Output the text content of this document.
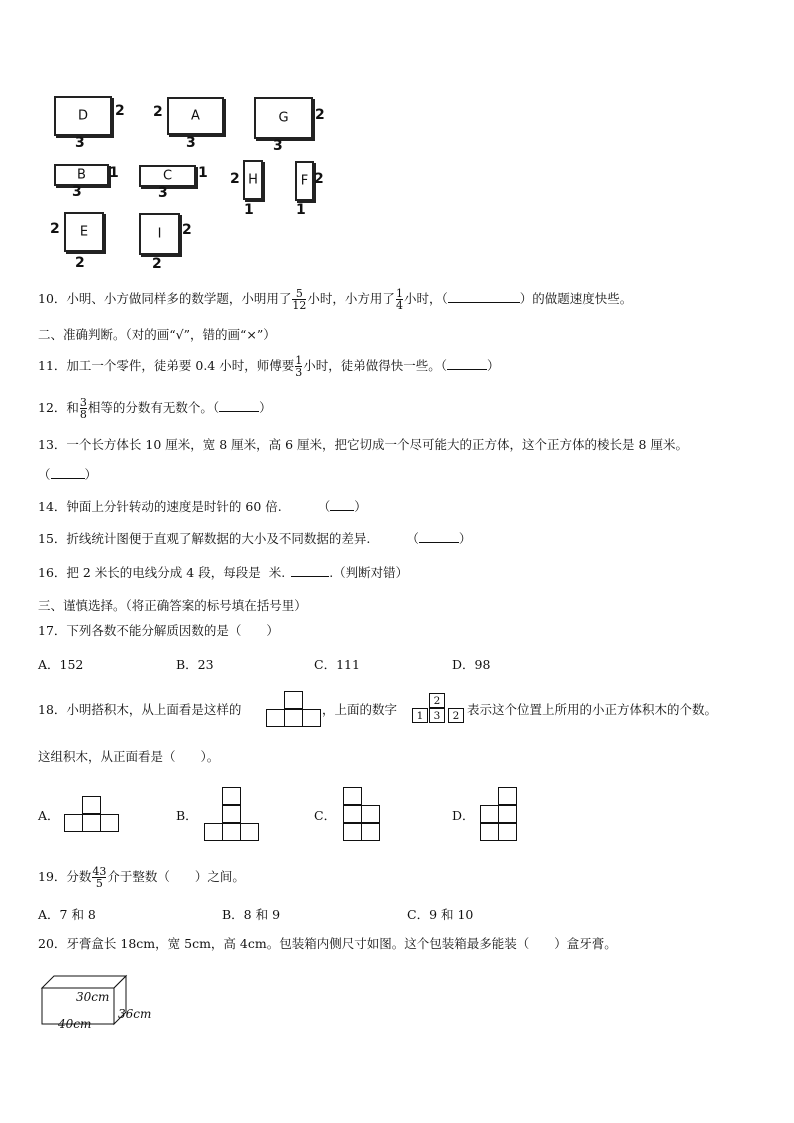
D	2
3
A
2
3
G	2
3
B	1
3
C	1
3
H
2
1
F 2
1
E
2
2
I	2
2
10．小明、小方做同样多的数学题，小明用了 $\frac{5}{12}$ 小时，小方用了 $\frac{1}{4}$ 小时，（	）的做题速度快些。
二、准确判断。（对的画“√”，错的画“×”）
11．加工一个零件，徒弟要 0.4 小时，师傅要 $\frac{1}{3}$ 小时，徒弟做得快一些。（	）
12．和 $\frac{3}{8}$ 相等的分数有无数个。（	）
13．一个长方体长 10 厘米，宽 8 厘米，高 6 厘米，把它切成一个尽可能大的正方体，这个正方体的棱长是 8 厘米。
（	）
14．钟面上分针转动的速度是时针的 60 倍.	（ ）
15．折线统计图便于直观了解数据的大小及不同数据的差异.	（	）
16．把 2 米长的电线分成 4 段，每段是 米.	.（判断对错）
三、谨慎选择。（将正确答案的标号填在括号里）
17．下列各数不能分解质因数的是（　　）
A．152	B．23	C．111	D．98
18．小明搭积木，从上面看是这样的	，上面的数字
2
1 3	2 表示这个位置上所用的小正方体积木的个数。
这组积木，从正面看是（　　）。
A．	B．	C．	D．
19．分数 $\frac{43}{5}$ 介于整数（　　）之间。
A．7 和 8	B．8 和 9	C．9 和 10
20．牙膏盒长 18cm，宽 5cm，高 4cm。包装箱内侧尺寸如图。这个包装箱最多能装（　　）盒牙膏。
30cm
36cm
40cm
